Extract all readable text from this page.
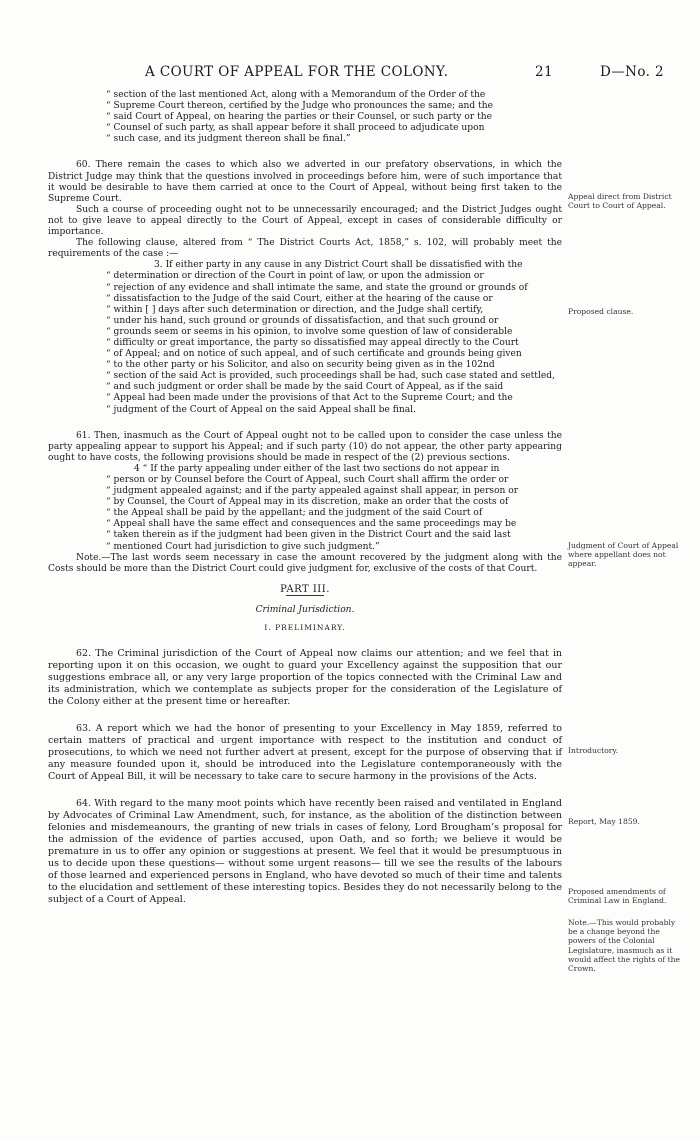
A COURT OF APPEAL FOR THE COLONY.	21	D—No. 2
“ section of the last mentioned Act, along with a Memorandum of the Order of the
“ Supreme Court thereon, certified by the Judge who pronounces the same; and the
“ said Court of Appeal, on hearing the parties or their Counsel, or such party or the
“ Counsel of such party, as shall appear before it shall proceed to adjudicate upon
“ such case, and its judgment thereon shall be final.”
60. There remain the cases to which also we adverted in our prefatory observations, in which the District Judge may think that the questions involved in proceedings before him, were of such importance that it would be desirable to have them carried at once to the Court of Appeal, without being first taken to the Supreme Court.
Such a course of proceeding ought not to be unnecessarily encouraged; and the District Judges ought not to give leave to appeal directly to the Court of Appeal, except in cases of considerable difficulty or importance.
The following clause, altered from “ The District Courts Act, 1858,” s. 102, will probably meet the requirements of the case :—
3. If either party in any cause in any District Court shall be dissatisfied with the
“ determination or direction of the Court in point of law, or upon the admission or
“ rejection of any evidence and shall intimate the same, and state the ground or grounds of
“ dissatisfaction to the Judge of the said Court, either at the hearing of the cause or
“ within [ ] days after such determination or direction, and the Judge shall certify,
“ under his hand, such ground or grounds of dissatisfaction, and that such ground or
“ grounds seem or seems in his opinion, to involve some question of law of considerable
“ difficulty or great importance, the party so dissatisfied may appeal directly to the Court
“ of Appeal; and on notice of such appeal, and of such certificate and grounds being given
“ to the other party or his Solicitor, and also on security being given as in the 102nd
“ section of the said Act is provided, such proceedings shall be had, such case stated and settled,
“ and such judgment or order shall be made by the said Court of Appeal, as if the said
“ Appeal had been made under the provisions of that Act to the Supreme Court; and the
“ judgment of the Court of Appeal on the said Appeal shall be final.
61. Then, inasmuch as the Court of Appeal ought not to be called upon to consider the case unless the party appealing appear to support his Appeal; and if such party (10) do not appear, the other party appearing ought to have costs, the following provisions should be made in respect of the (2) previous sections.
4 “ If the party appealing under either of the last two sections do not appear in
“ person or by Counsel before the Court of Appeal, such Court shall affirm the order or
“ judgment appealed against; and if the party appealed against shall appear, in person or
“ by Counsel, the Court of Appeal may in its discretion, make an order that the costs of
“ the Appeal shall be paid by the appellant; and the judgment of the said Court of
“ Appeal shall have the same effect and consequences and the same proceedings may be
“ taken therein as if the judgment had been given in the District Court and the said last
“ mentioned Court had jurisdiction to give such judgment.”
Note.—The last words seem necessary in case the amount recovered by the judgment along with the Costs should be more than the District Court could give judgment for, exclusive of the costs of that Court.
PART III.
Criminal Jurisdiction.
I. PRELIMINARY.
62. The Criminal jurisdiction of the Court of Appeal now claims our attention; and we feel that in reporting upon it on this occasion, we ought to guard your Excellency against the supposition that our suggestions embrace all, or any very large proportion of the topics connected with the Criminal Law and its administration, which we contemplate as subjects proper for the consideration of the Legislature of the Colony either at the present time or hereafter.
63. A report which we had the honor of presenting to your Excellency in May 1859, referred to certain matters of practical and urgent importance with respect to the institution and conduct of prosecutions, to which we need not further advert at present, except for the purpose of observing that if any measure founded upon it, should be introduced into the Legislature contemporaneously with the Court of Appeal Bill, it will be necessary to take care to secure harmony in the provisions of the Acts.
64. With regard to the many moot points which have recently been raised and ventilated in England by Advocates of Criminal Law Amendment, such, for instance, as the abolition of the distinction between felonies and misdemeanours, the granting of new trials in cases of felony, Lord Brougham’s proposal for the admission of the evidence of parties accused, upon Oath, and so forth; we believe it would be premature in us to offer any opinion or suggestions at present. We feel that it would be presumptuous in us to decide upon these questions— without some urgent reasons— till we see the results of the labours of those learned and experienced persons in England, who have devoted so much of their time and talents to the elucidation and settlement of these interesting topics. Besides they do not necessarily belong to the subject of a Court of Appeal.
Appeal direct from District Court to Court of Appeal.
Proposed clause.
Judgment of Court of Appeal where appellant does not appear.
Introductory.
Report, May 1859.
Proposed amendments of Criminal Law in England.
Note.—This would probably be a change beyond the powers of the Colonial Legislature, inasmuch as it would affect the rights of the Crown.
